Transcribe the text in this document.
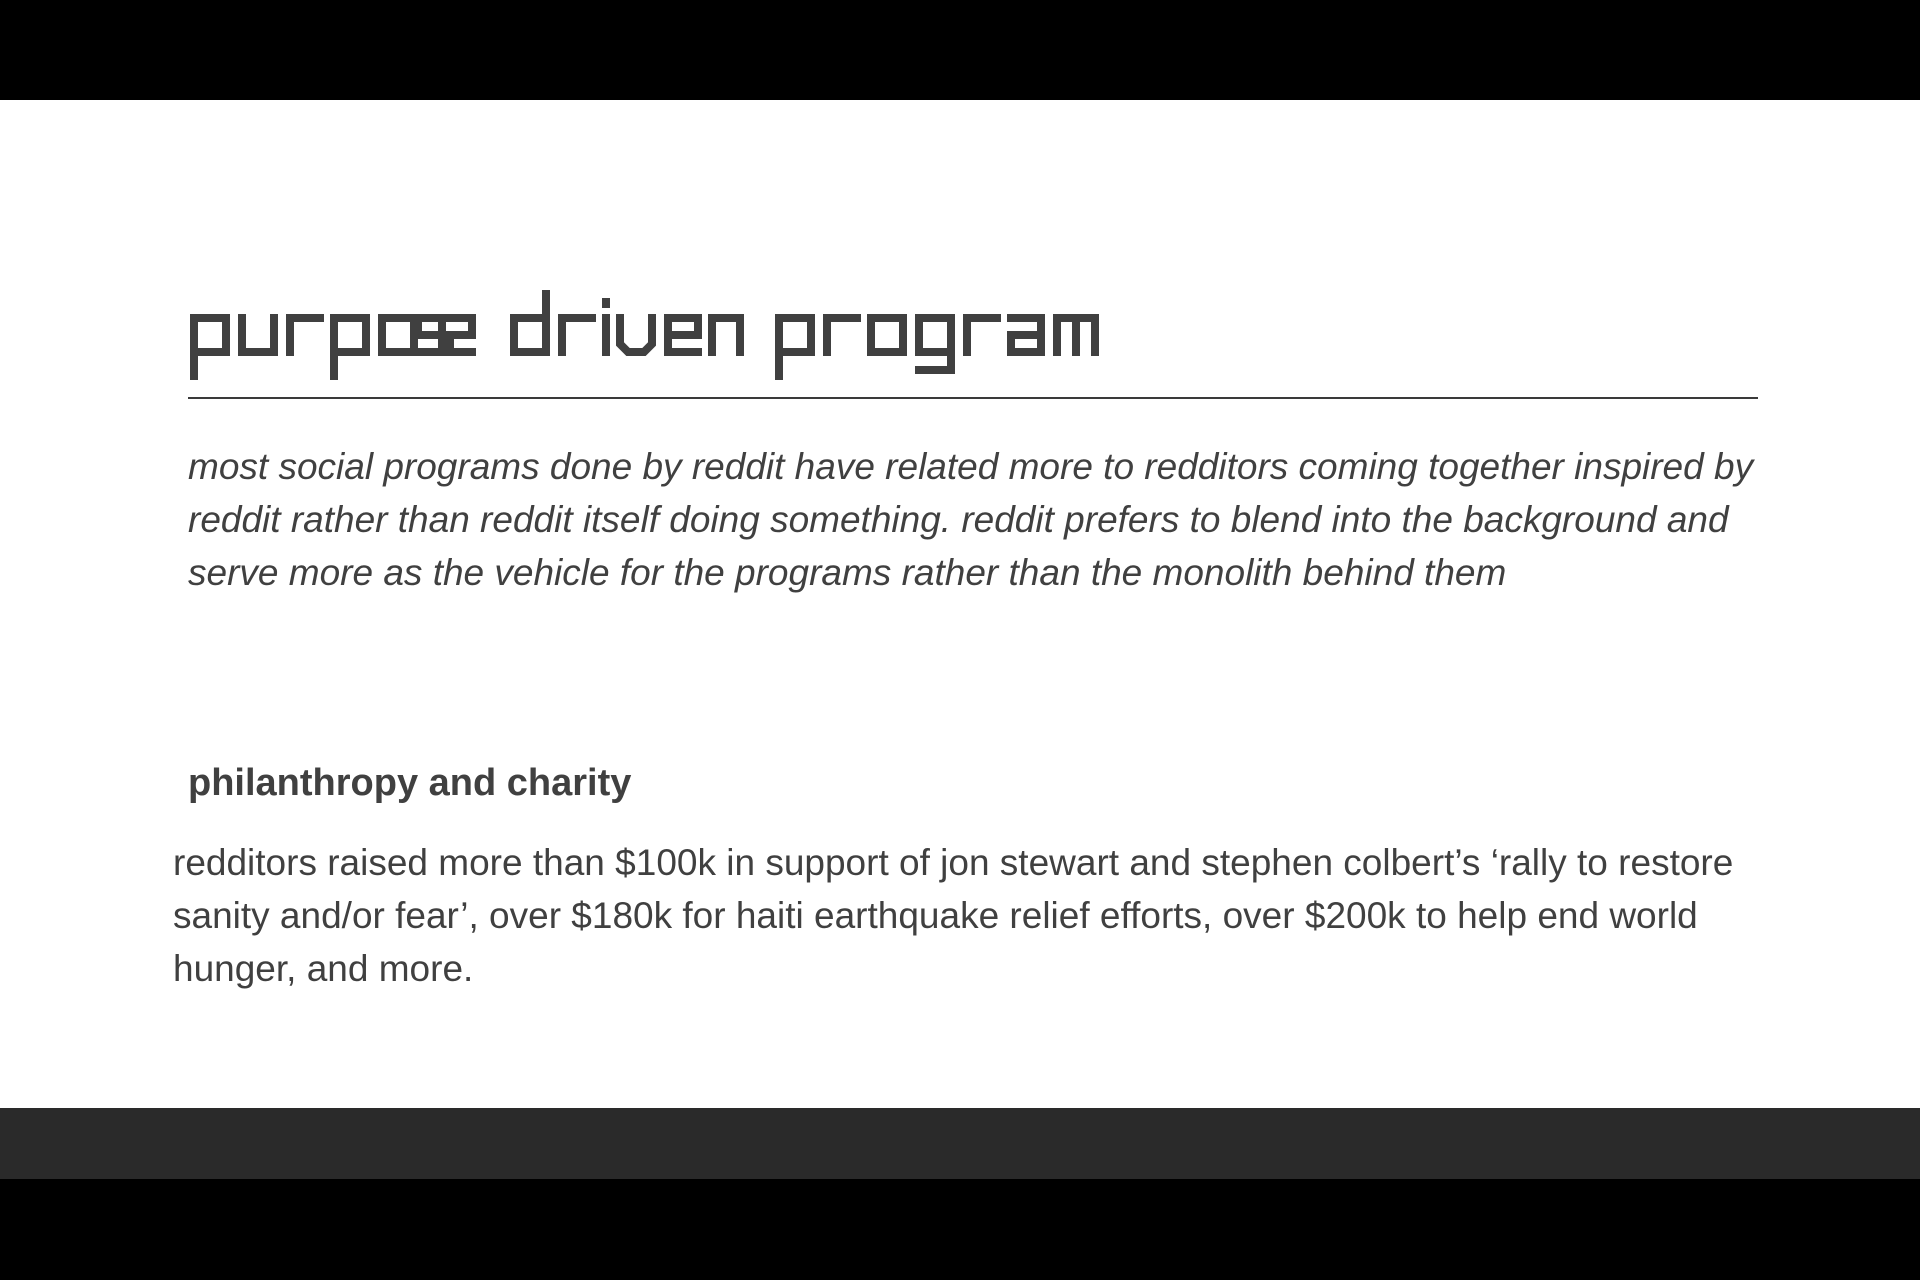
most social programs done by reddit have related more to redditors coming together inspired by reddit rather than reddit itself doing something. reddit prefers to blend into the background and serve more as the vehicle for the programs rather than the monolith behind them

philanthropy and charity

redditors raised more than $100k in support of jon stewart and stephen colbert’s ‘rally to restore sanity and/or fear’, over $180k for haiti earthquake relief efforts, over $200k to help end world hunger, and more.
